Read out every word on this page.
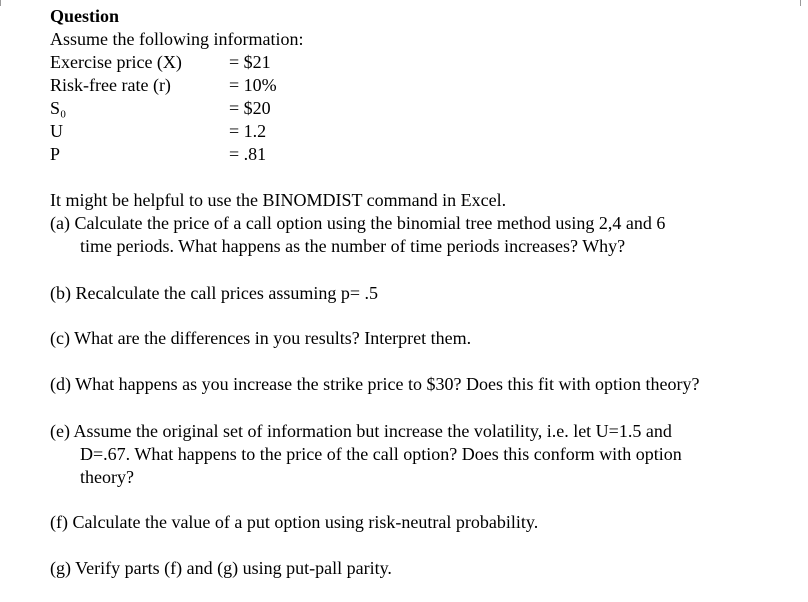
Question
Assume the following information:
Exercise price (X)	= $21
Risk-free rate (r)	= 10%
S₀	= $20
U	= 1.2
P	= .81
It might be helpful to use the BINOMDIST command in Excel.
(a) Calculate the price of a call option using the binomial tree method using 2,4 and 6
time periods. What happens as the number of time periods increases? Why?
(b) Recalculate the call prices assuming p= .5
(c) What are the differences in you results? Interpret them.
(d) What happens as you increase the strike price to $30? Does this fit with option theory?
(e) Assume the original set of information but increase the volatility, i.e. let U=1.5 and
D=.67. What happens to the price of the call option? Does this conform with option
theory?
(f) Calculate the value of a put option using risk-neutral probability.
(g) Verify parts (f) and (g) using put-pall parity.
